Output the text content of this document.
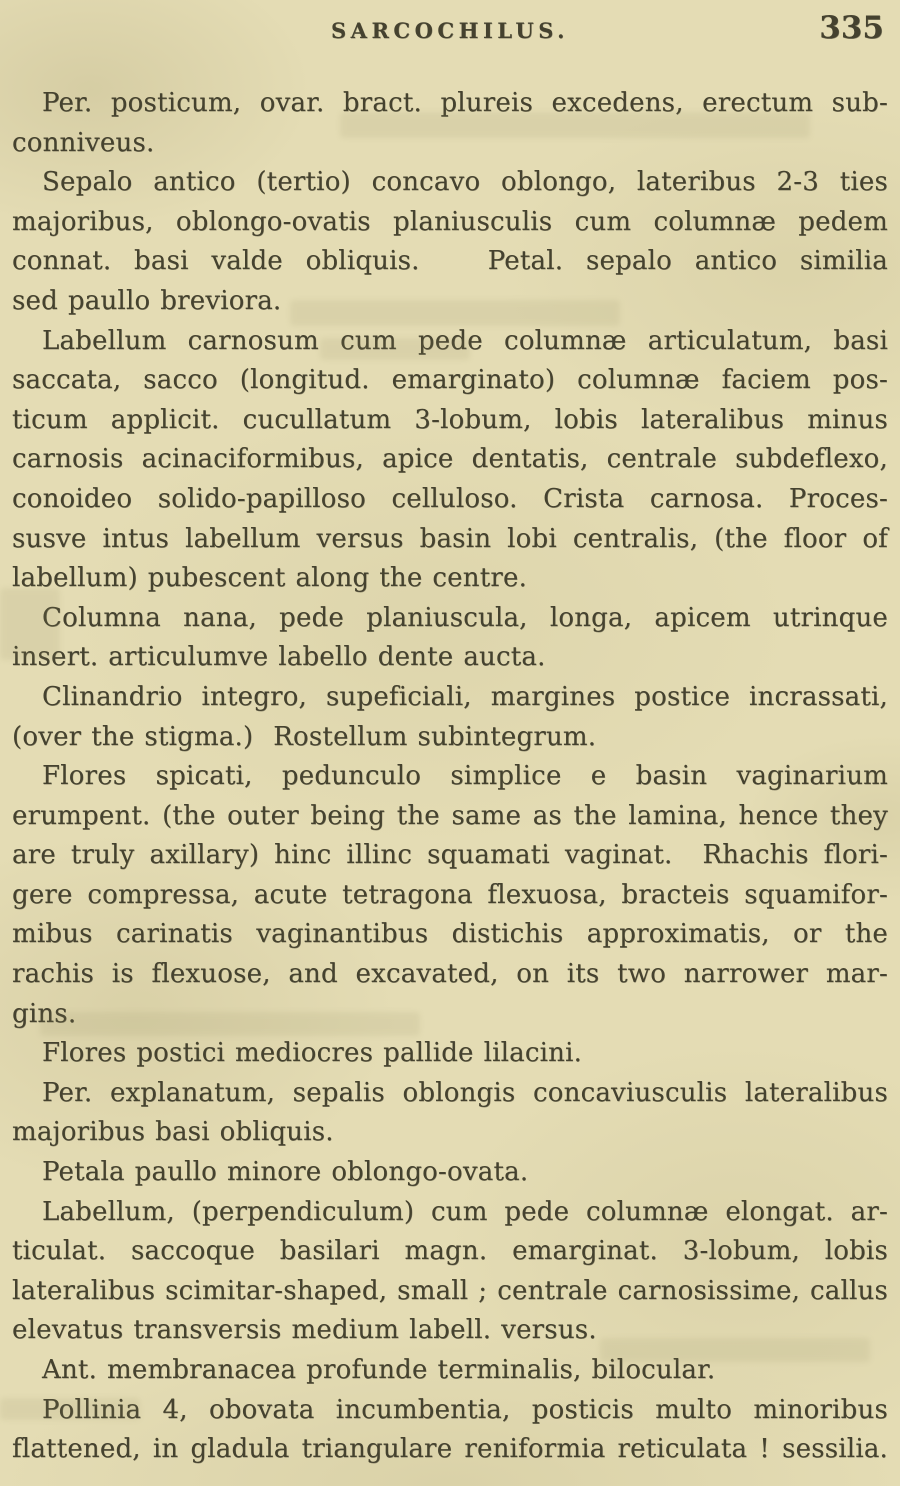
SARCOCHILUS.	335
Per. posticum, ovar. bract. plureis excedens, erectum sub-
conniveus.
Sepalo antico (tertio) concavo oblongo, lateribus 2-3 ties
majoribus, oblongo-ovatis planiusculis cum columnæ pedem
connat. basi valde obliquis.   Petal. sepalo antico similia
sed paullo breviora.
Labellum carnosum cum pede columnæ articulatum, basi
saccata, sacco (longitud. emarginato) columnæ faciem pos-
ticum applicit. cucullatum 3-lobum, lobis lateralibus minus
carnosis acinaciformibus, apice dentatis, centrale subdeflexo,
conoideo solido-papilloso celluloso. Crista carnosa. Proces-
susve intus labellum versus basin lobi centralis, (the floor of
labellum) pubescent along the centre.
Columna nana, pede planiuscula, longa, apicem utrinque
insert. articulumve labello dente aucta.
Clinandrio integro, supeficiali, margines postice incrassati,
(over the stigma.)  Rostellum subintegrum.
Flores spicati, pedunculo simplice e basin vaginarium
erumpent. (the outer being the same as the lamina, hence they
are truly axillary) hinc illinc squamati vaginat.  Rhachis flori-
gere compressa, acute tetragona flexuosa, bracteis squamifor-
mibus carinatis vaginantibus distichis approximatis, or the
rachis is flexuose, and excavated, on its two narrower mar-
gins.
Flores postici mediocres pallide lilacini.
Per. explanatum, sepalis oblongis concaviusculis lateralibus
majoribus basi obliquis.
Petala paullo minore oblongo-ovata.
Labellum, (perpendiculum) cum pede columnæ elongat. ar-
ticulat. saccoque basilari magn. emarginat. 3-lobum, lobis
lateralibus scimitar-shaped, small ; centrale carnosissime, callus
elevatus transversis medium labell. versus.
Ant. membranacea profunde terminalis, bilocular.
Pollinia 4, obovata incumbentia, posticis multo minoribus
flattened, in gladula triangulare reniformia reticulata ! sessilia.
